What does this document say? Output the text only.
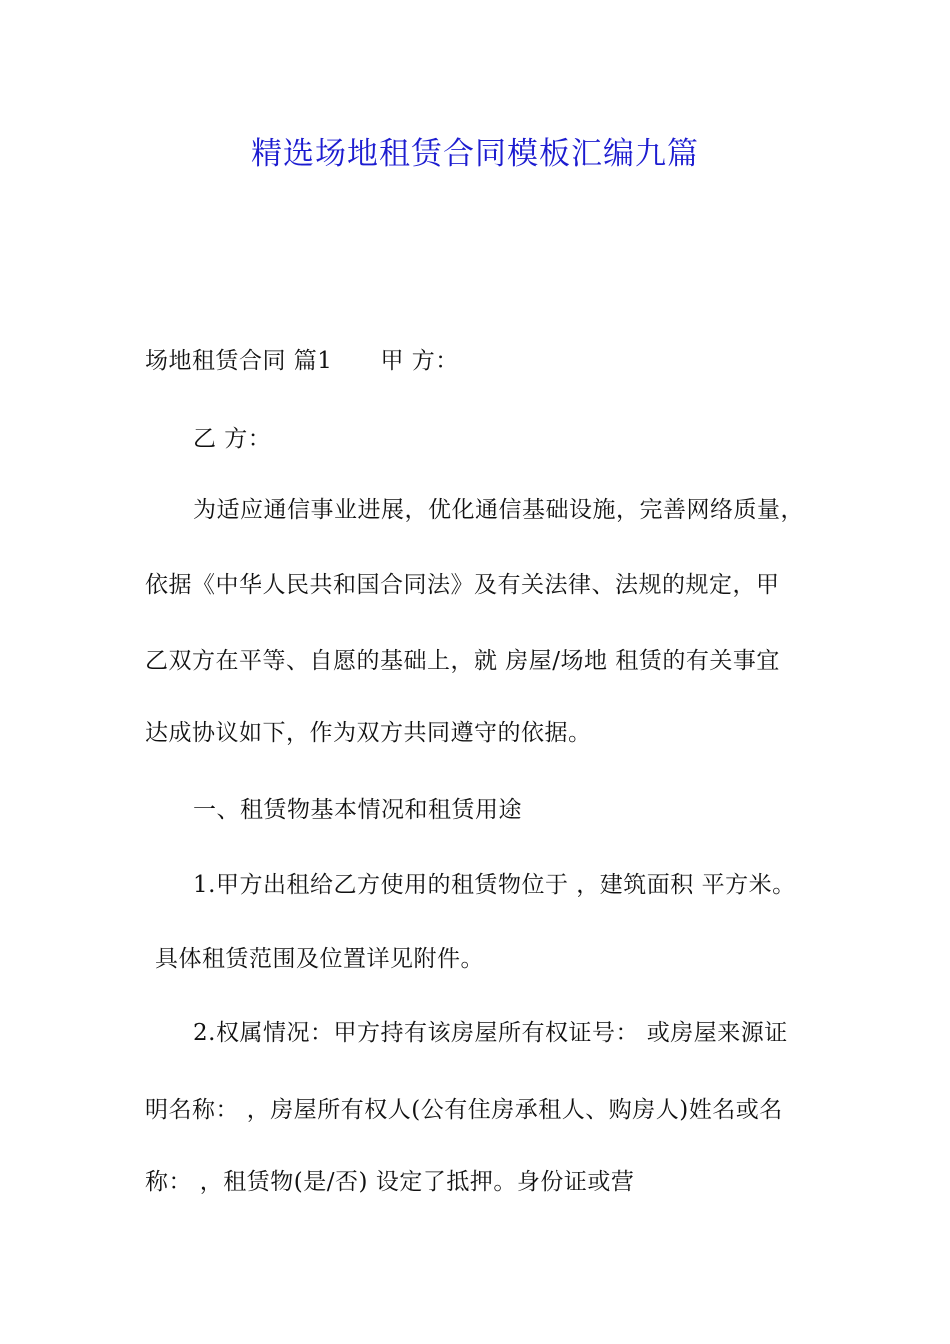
精选场地租赁合同模板汇编九篇
场地租赁合同 篇1 甲 方：
乙 方：
为适应通信事业进展，优化通信基础设施，完善网络质量，
依据《中华人民共和国合同法》及有关法律、法规的规定，甲
乙双方在平等、自愿的基础上，就 房屋/场地 租赁的有关事宜
达成协议如下，作为双方共同遵守的依据。
一、租赁物基本情况和租赁用途
1.甲方出租给乙方使用的租赁物位于 ，建筑面积 平方米。
具体租赁范围及位置详见附件。
2.权属情况：甲方持有该房屋所有权证号： 或房屋来源证
明名称： ，房屋所有权人(公有住房承租人、购房人)姓名或名
称： ，租赁物(是/否) 设定了抵押。身份证或营
